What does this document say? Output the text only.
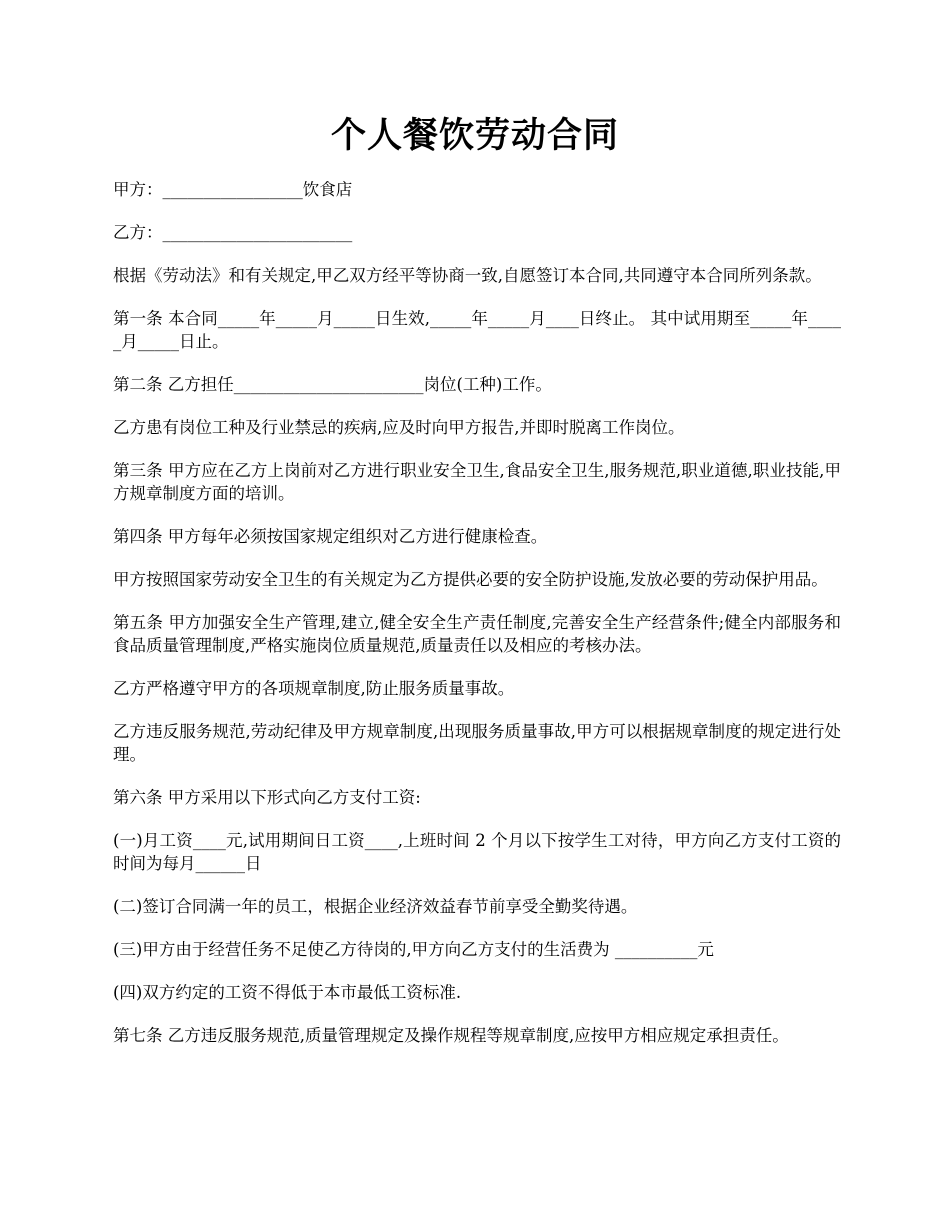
个人餐饮劳动合同

甲方：_________________饮食店

乙方：_______________________

根据《劳动法》和有关规定,甲乙双方经平等协商一致,自愿签订本合同,共同遵守本合同所列条款。

第一条 本合同_____年_____月_____日生效,_____年_____月____日终止。 其中试用期至_____年_____月_____日止。

第二条 乙方担任_______________________岗位(工种)工作。

乙方患有岗位工种及行业禁忌的疾病,应及时向甲方报告,并即时脱离工作岗位。

第三条 甲方应在乙方上岗前对乙方进行职业安全卫生,食品安全卫生,服务规范,职业道德,职业技能,甲方规章制度方面的培训。

第四条 甲方每年必须按国家规定组织对乙方进行健康检查。

甲方按照国家劳动安全卫生的有关规定为乙方提供必要的安全防护设施,发放必要的劳动保护用品。

第五条 甲方加强安全生产管理,建立,健全安全生产责任制度,完善安全生产经营条件;健全内部服务和食品质量管理制度,严格实施岗位质量规范,质量责任以及相应的考核办法。

乙方严格遵守甲方的各项规章制度,防止服务质量事故。

乙方违反服务规范,劳动纪律及甲方规章制度,出现服务质量事故,甲方可以根据规章制度的规定进行处理。

第六条 甲方采用以下形式向乙方支付工资:

(一)月工资____元,试用期间日工资____,上班时间 2 个月以下按学生工对待，甲方向乙方支付工资的时间为每月______日

(二)签订合同满一年的员工，根据企业经济效益春节前享受全勤奖待遇。

(三)甲方由于经营任务不足使乙方待岗的,甲方向乙方支付的生活费为 __________元

(四)双方约定的工资不得低于本市最低工资标准.

第七条 乙方违反服务规范,质量管理规定及操作规程等规章制度,应按甲方相应规定承担责任。
